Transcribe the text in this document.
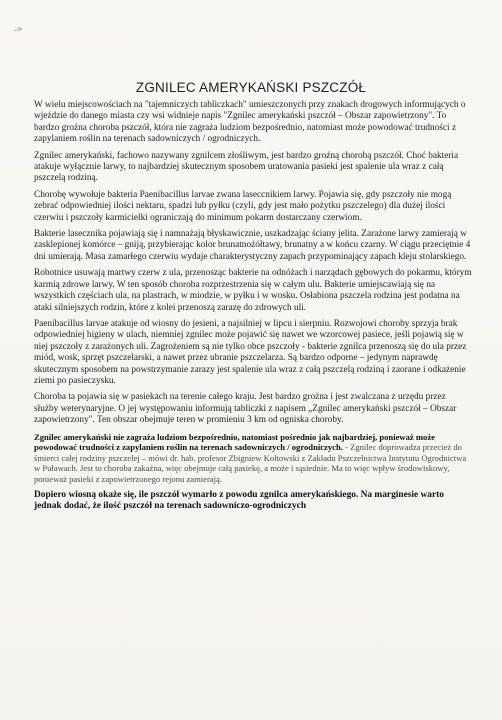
-»
ZGNILEC AMERYKAŃSKI PSZCZÓŁ

W wielu miejscowościach na "tajemniczych tabliczkach" umieszczonych przy znakach drogowych informujących o wjeździe do danego miasta czy wsi widnieje napis "Zgnilec amerykański pszczół – Obszar zapowietrzony". To bardzo groźna choroba pszczół, która nie zagraża ludziom bezpośrednio, natomiast może powodować trudności z zapylaniem roślin na terenach sadowniczych / ogrodniczych.

Zgnilec amerykański, fachowo nazywany zgnilcem złośliwym, jest bardzo groźną chorobą pszczół. Choć bakteria atakuje wyłącznie larwy, to najbardziej skutecznym sposobem uratowania pasieki jest spalenie ula wraz z całą pszczelą rodziną.

Chorobę wywołuje bakteria Paenibacillus larvae zwana laseccnikiem larwy. Pojawia się, gdy pszczoły nie mogą zebrać odpowiedniej ilości nektaru, spadzi lub pyłku (czyli, gdy jest mało pożytku pszczelego) dla dużej ilości czerwiu i pszczoły karmicielki ograniczają do minimum pokarm dostarczany czerwiom.

Bakterie lasecznika pojawiają się i namnażają błyskawicznie, uszkadzając ściany jelita. Zarażone larwy zamierają w zasklepionej komórce – gniją, przybierając kolor brunatnożółtawy, brunatny a w końcu czarny. W ciągu przeciętnie 4 dni umierają. Masa zamarłego czerwiu wydaje charakterystyczny zapach przypominający zapach kleju stolarskiego.

Robotnice usuwają martwy czerw z ula, przenosząc bakterie na odnóżach i narządach gębowych do pokarmu, którym karmią zdrowe larwy. W ten sposób choroba rozprzestrzenia się w całym ulu. Bakterie umiejscawiają się na wszystkich częściach ula, na plastrach, w miodzie, w pyłku i w wosku. Osłabiona pszczela rodzina jest podatna na ataki silniejszych rodzin, które z kolei przenoszą zarazę do zdrowych uli.

Paenibacillus larvae atakuje od wiosny do jesieni, a najsilniej w lipcu i sierpniu. Rozwojowi choroby sprzyja brak odpowiedniej higieny w ulach, niemniej zgnilec może pojawić się nawet we wzorcowej pasiece, jeśli pojawią się w niej pszczoły z zarażonych uli. Zagrożeniem są nie tylko obce pszczoły - bakterie zgnilca przenoszą się do ula przez miód, wosk, sprzęt pszczelarski, a nawet przez ubranie pszczelarza. Są bardzo odporne – jedynym naprawdę skutecznym sposobem na powstrzymanie zarazy jest spalenie ula wraz z całą pszczelą rodziną i zaorane i odkażenie ziemi po pasieczysku.

Choroba ta pojawia się w pasiekach na terenie całego kraju. Jest bardzo groźna i jest zwalczana z urzędu przez służby weterynaryjne. O jej występowaniu informują tabliczki z napisem „Zgnilec amerykański pszczół – Obszar zapowietrzony". Ten obszar obejmuje teren w promieniu 3 km od ogniska choroby.

Zgnilec amerykański nie zagraża ludziom bezpośrednio, natomiast pośrednio jak najbardziej, ponieważ może powodować trudności z zapylaniem roślin na terenach sadowniczych / ogrodniczych. - Zgnilec doprowadza przecież do śmierci całej rodziny pszczelej – mówi dr. hab. profesor Zbigniew Kołtowski z Zakładu Pszczelnictwa Instytutu Ogrodnictwa w Puławach. Jest to choroba zakaźna, więc obejmuje całą pasiekę, a może i sąsiednie. Ma to więc wpływ środowiskowy, ponieważ pasieki z zapowietrzonego rejonu zamierają.

Dopiero wiosną okaże się, ile pszczół wymarło z powodu zgnilca amerykańskiego. Na marginesie warto jednak dodać, że ilość pszczół na terenach sadowniczo-ogrodniczych
